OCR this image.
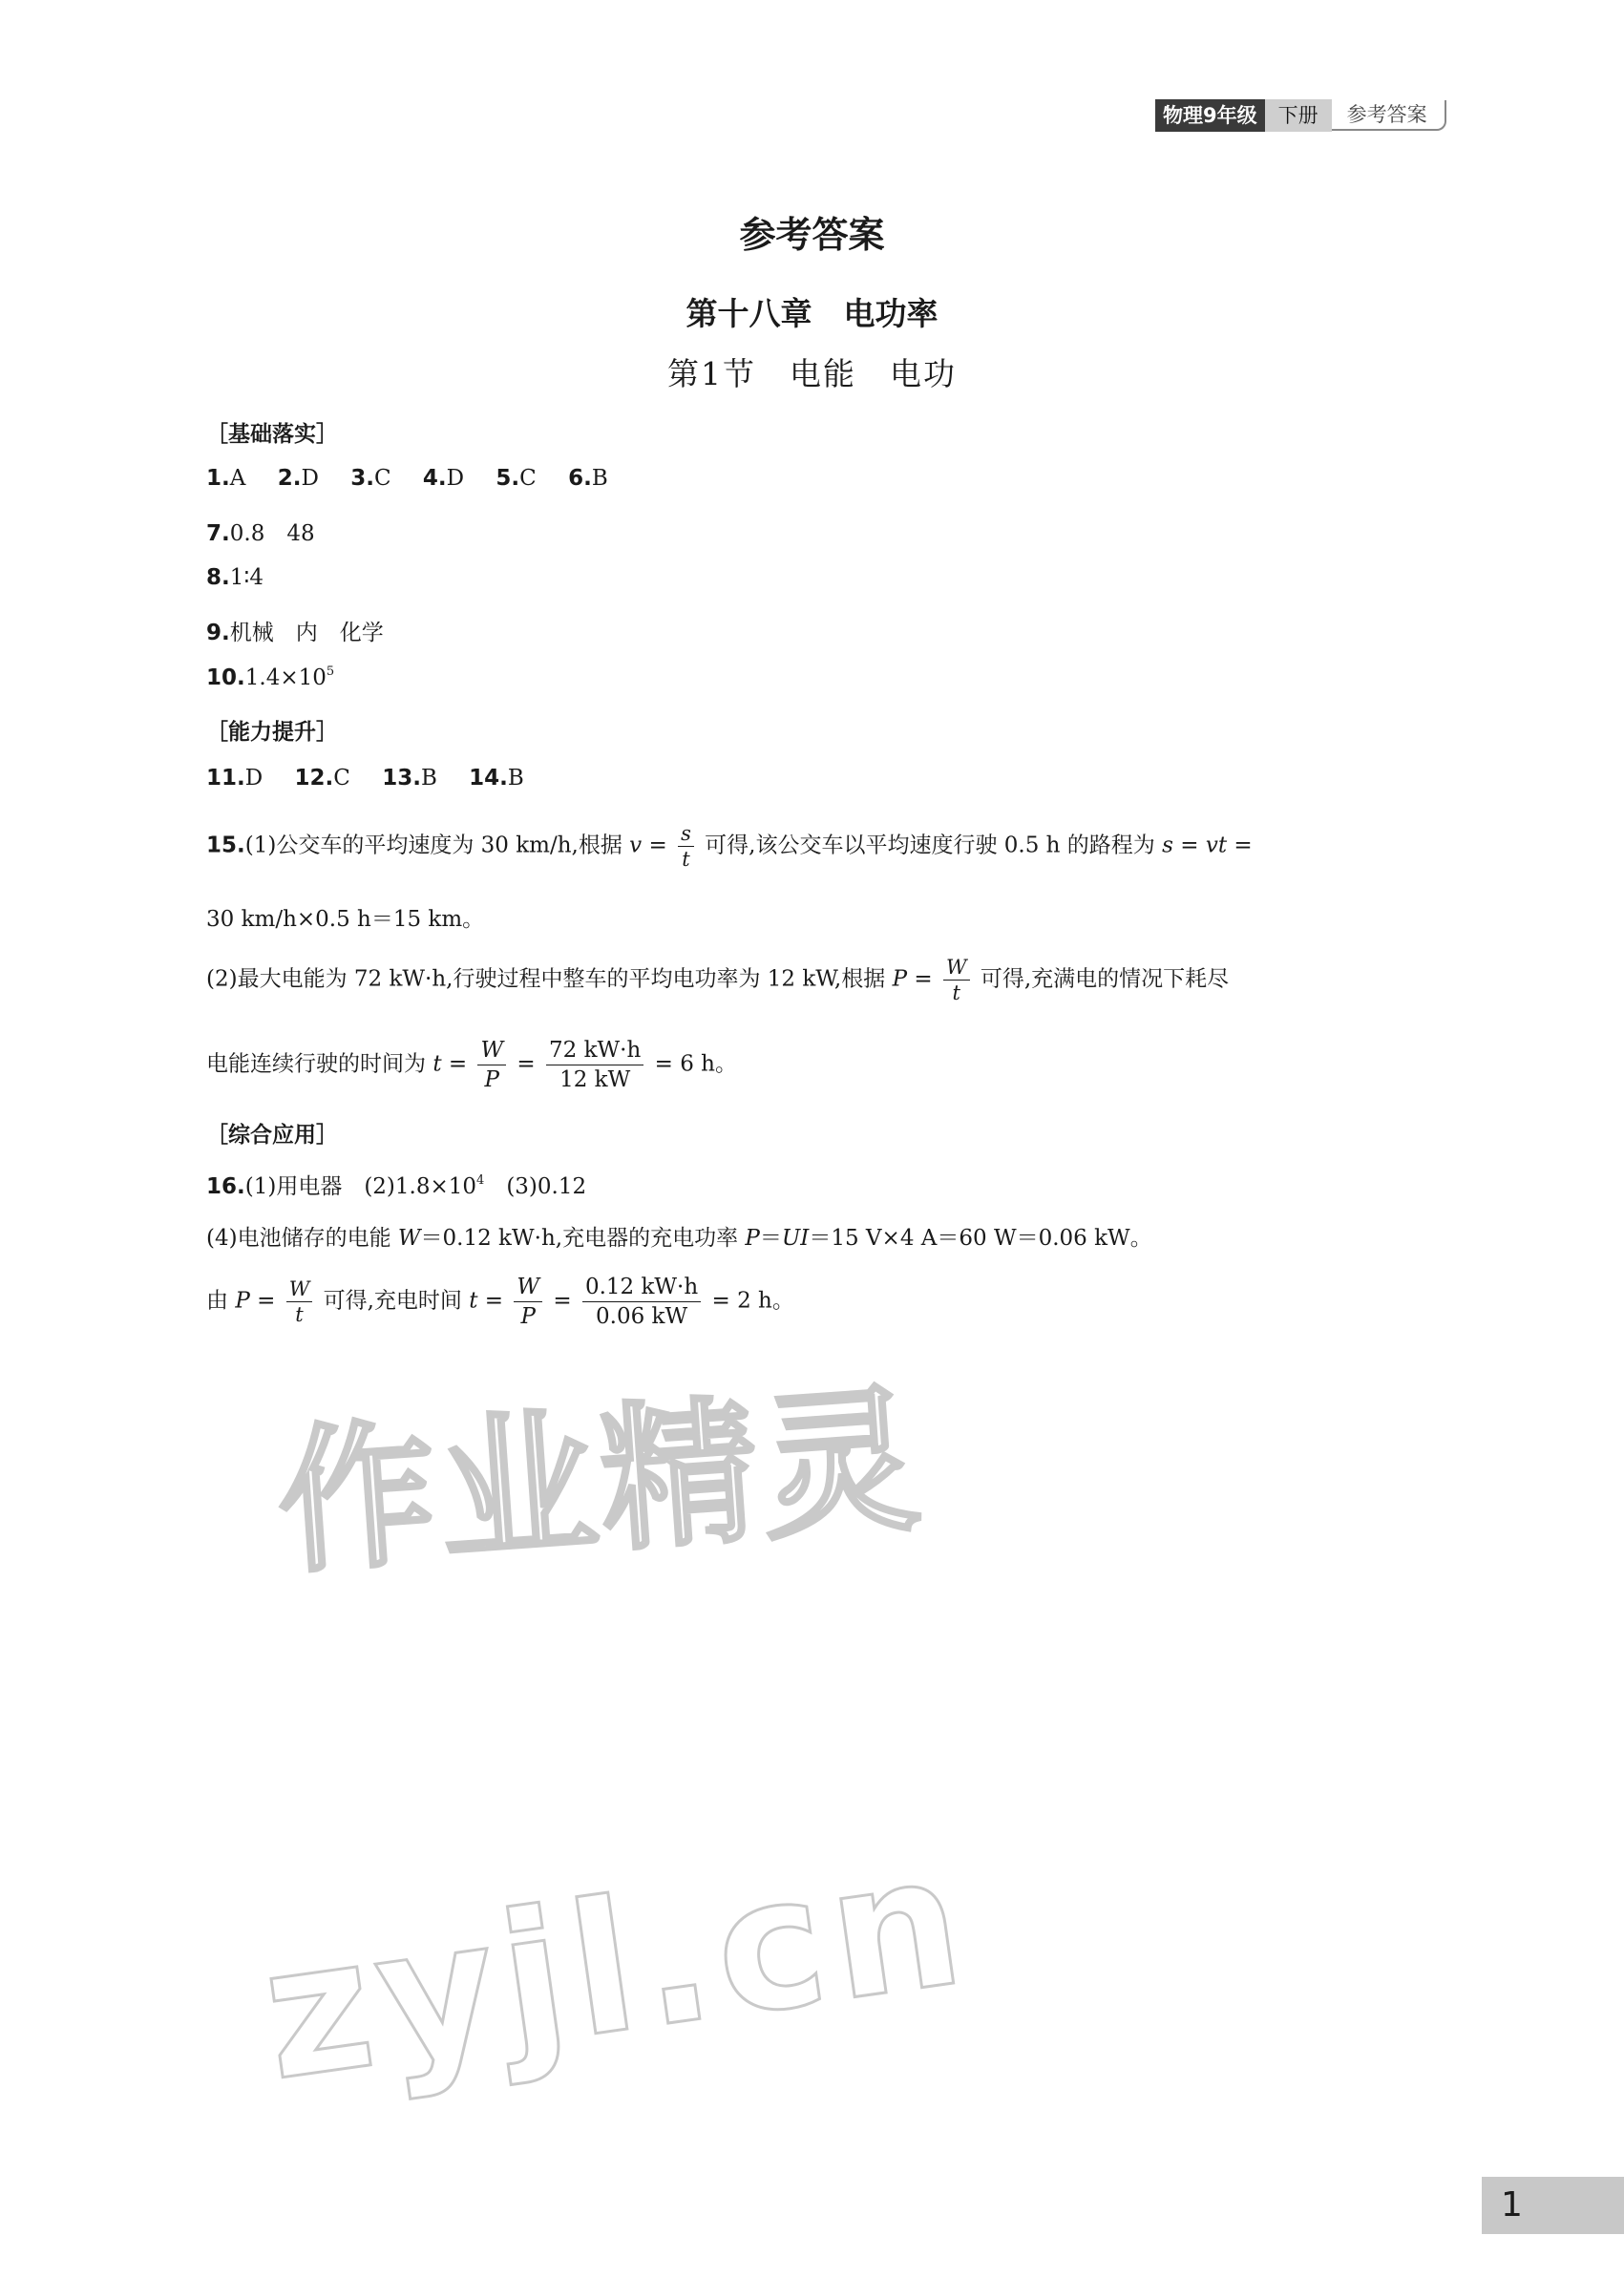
物理9年级	下册	参考答案
参考答案
第十八章　电功率
第1节　电能　电功
［基础落实］
1.A 2.D 3.C 4.D 5.C 6.B
7.0.8　48
8.1∶4
9.机械　内　化学
$10.1.4\times 10^5$
［能力提升］
11.D 12.C 13.B 14.B
15.(1)公交车的平均速度为 30 km/h,根据 $v = \frac{s}{t}$ 可得,该公交车以平均速度行驶 0.5 h 的路程为 s = vt =
30 km/h×0.5 h＝15 km。
(2)最大电能为 72 kW·h,行驶过程中整车的平均电功率为 12 kW,根据 $P = \frac{W}{t}$ 可得,充满电的情况下耗尽
电能连续行驶的时间为 $t = \frac{W}{P} = \frac{72 kW\cdot h}{12 kW} = 6$ h。
［综合应用］
16.(1)用电器　$(2)1.8\times 10^4$　(3)0.12
(4)电池储存的电能 W＝0.12 kW·h,充电器的充电功率 P＝UI＝15 V×4 A＝60 W＝0.06 kW。
由 $P = \frac{W}{t}$ 可得,充电时间 $t = \frac{W}{P} = \frac{0.12 kW\cdot h}{0.06 kW} = 2$ h。
作业精灵
zyjl.cn
1
